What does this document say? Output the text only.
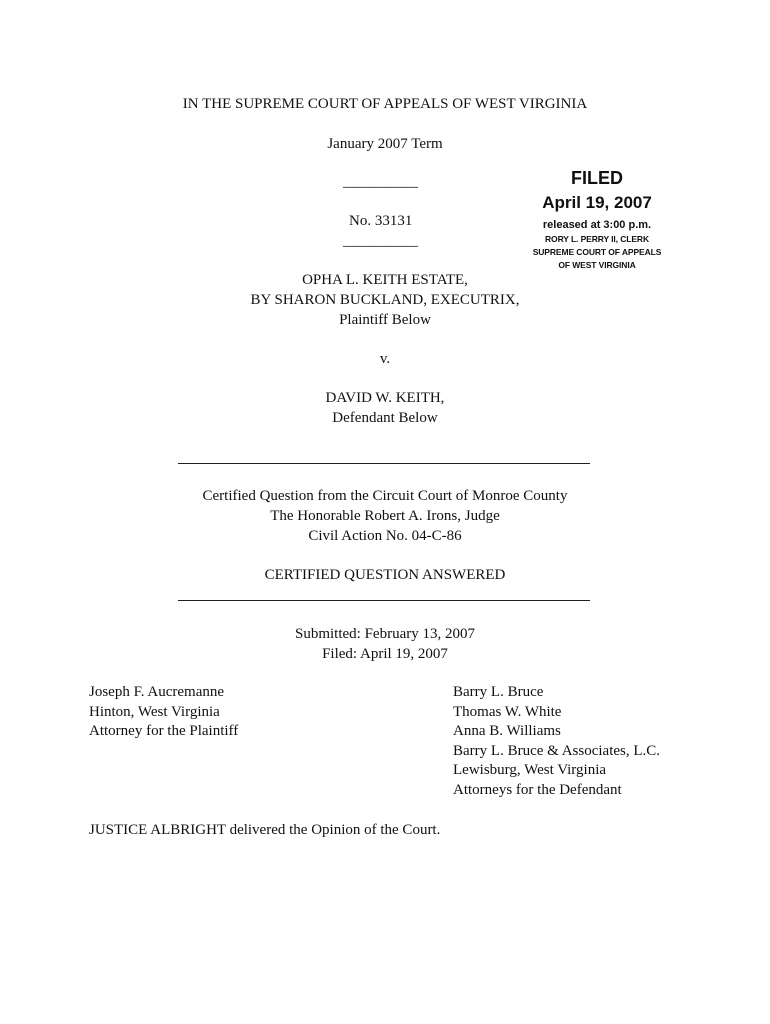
IN THE SUPREME COURT OF APPEALS OF WEST VIRGINIA
January 2007 Term
__________
No. 33131
__________
FILED
April 19, 2007
released at 3:00 p.m.
RORY L. PERRY II, CLERK
SUPREME COURT OF APPEALS
OF WEST VIRGINIA
OPHA L. KEITH ESTATE,
BY SHARON BUCKLAND, EXECUTRIX,
Plaintiff Below
v.
DAVID W. KEITH,
Defendant Below
Certified Question from the Circuit Court of Monroe County
The Honorable Robert A. Irons, Judge
Civil Action No. 04-C-86
CERTIFIED QUESTION ANSWERED
Submitted: February 13, 2007
Filed: April 19, 2007
Joseph F. Aucremanne
Hinton, West Virginia
Attorney for the Plaintiff
Barry L. Bruce
Thomas W. White
Anna B. Williams
Barry L. Bruce & Associates, L.C.
Lewisburg, West Virginia
Attorneys for the Defendant
JUSTICE ALBRIGHT delivered the Opinion of the Court.
